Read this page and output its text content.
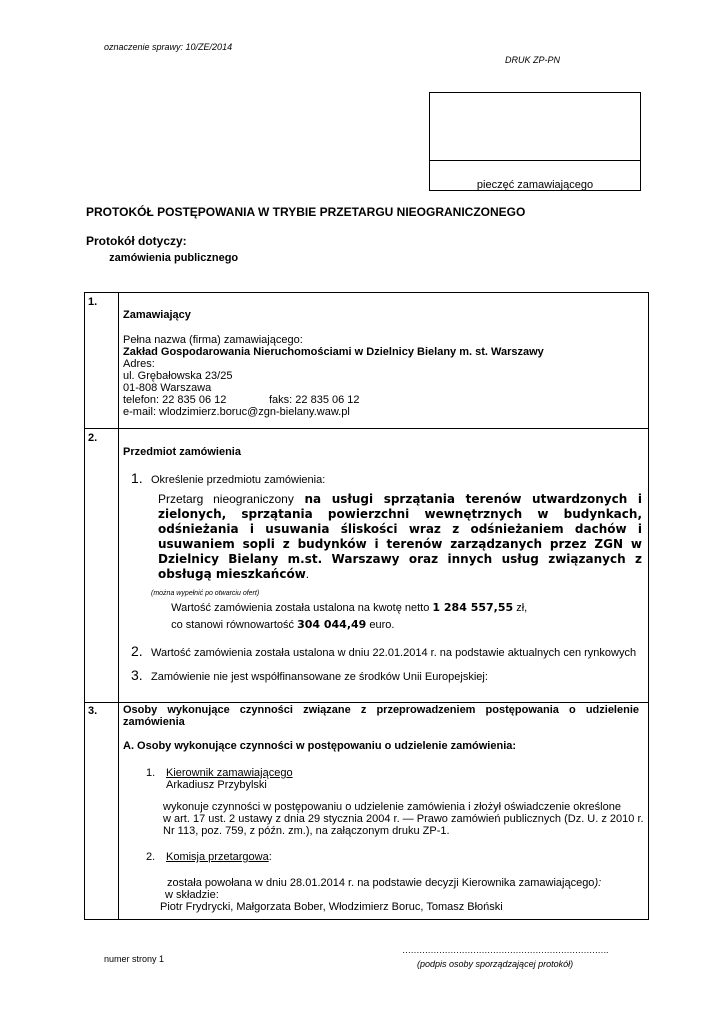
oznaczenie sprawy: 10/ZE/2014
DRUK ZP-PN
pieczęć zamawiającego
PROTOKÓŁ POSTĘPOWANIA W TRYBIE PRZETARGU NIEOGRANICZONEGO
Protokół dotyczy:
zamówienia publicznego
1.
Zamawiający
Pełna nazwa (firma) zamawiającego:
Zakład Gospodarowania Nieruchomościami w Dzielnicy Bielany m. st. Warszawy
Adres:
ul. Grębałowska 23/25
01-808 Warszawa
telefon: 22 835 06 12	faks: 22 835 06 12
e-mail: wlodzimierz.boruc@zgn-bielany.waw.pl
2.
Przedmiot zamówienia
1. Określenie przedmiotu zamówienia:
Przetarg nieograniczony na usługi sprzątania terenów utwardzonych i zielonych, sprzątania powierzchni wewnętrznych w budynkach, odśnieżania i usuwania śliskości wraz z odśnieżaniem dachów i usuwaniem sopli z budynków i terenów zarządzanych przez ZGN w Dzielnicy Bielany m.st. Warszawy oraz innych usług związanych z obsługą mieszkańców.
(można wypełnić po otwarciu ofert)
Wartość zamówienia została ustalona na kwotę netto 1 284 557,55 zł,
co stanowi równowartość 304 044,49 euro.
2. Wartość zamówienia została ustalona w dniu 22.01.2014 r. na podstawie aktualnych cen rynkowych
3. Zamówienie nie jest współfinansowane ze środków Unii Europejskiej:
3. Osoby wykonujące czynności związane z przeprowadzeniem postępowania o udzielenie zamówienia
A. Osoby wykonujące czynności w postępowaniu o udzielenie zamówienia:
1. Kierownik zamawiającego
Arkadiusz Przybylski
wykonuje czynności w postępowaniu o udzielenie zamówienia i złożył oświadczenie określone
w art. 17 ust. 2 ustawy z dnia 29 stycznia 2004 r. — Prawo zamówień publicznych (Dz. U. z 2010 r.
Nr 113, poz. 759, z późn. zm.), na załączonym druku ZP-1.
2. Komisja przetargowa:
została powołana w dniu 28.01.2014 r. na podstawie decyzji Kierownika zamawiającego):
w składzie:
Piotr Frydrycki, Małgorzata Bober, Włodzimierz Boruc, Tomasz Błoński
numer strony 1
……………………………………………………………….
(podpis osoby sporządzającej protokół)
